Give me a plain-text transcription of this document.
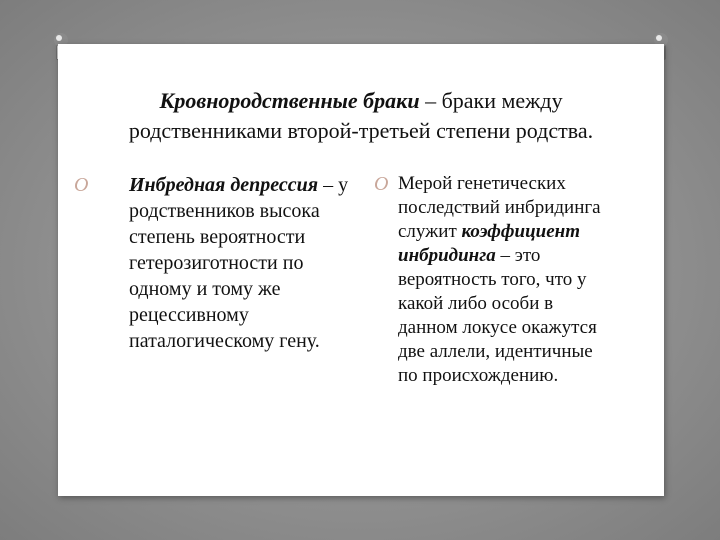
Кровнородственные браки – браки между
родственниками второй-третьей степени родства.
O Инбредная депрессия – у родственников высока степень вероятности гетерозиготности по одному и тому же рецессивному паталогическому гену.
O Мерой генетических последствий инбридинга служит коэффициент инбридинга – это вероятность того, что у какой либо особи в данном локусе окажутся две аллели, идентичные по происхождению.
